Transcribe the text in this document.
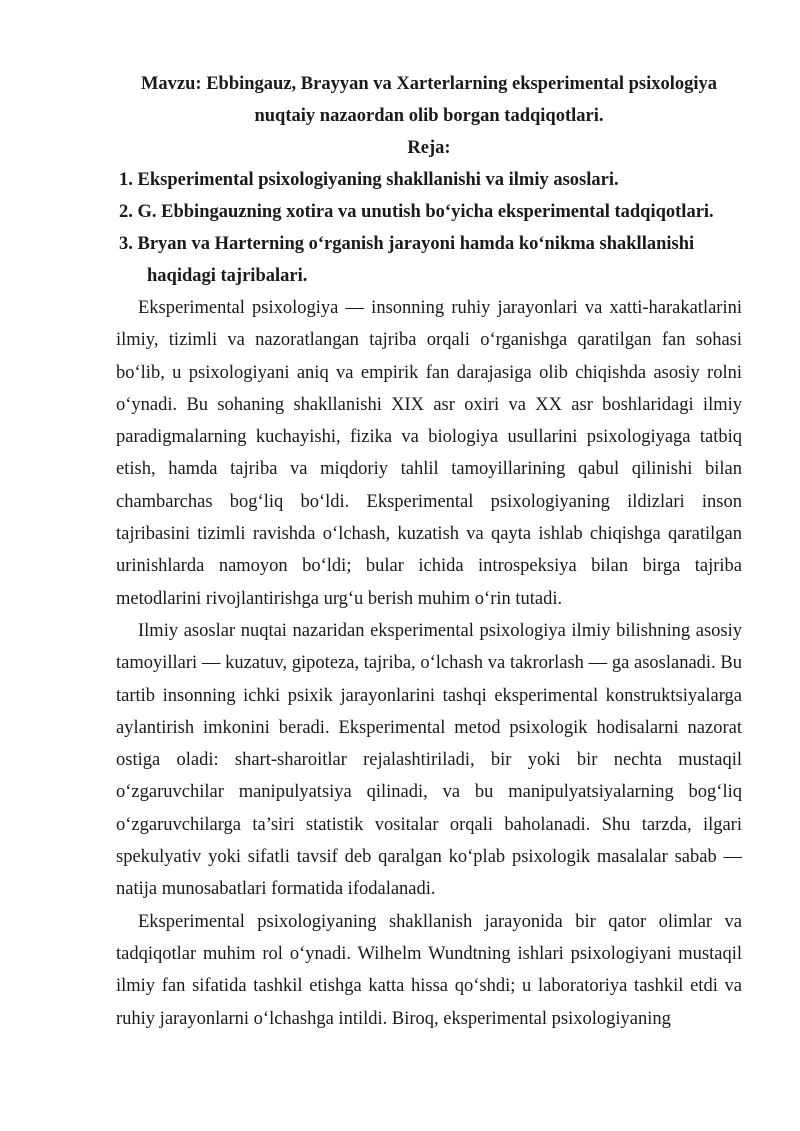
Mavzu: Ebbingauz, Brayyan va Xarterlarning eksperimental psixologiya
nuqtaiy nazaordan olib borgan tadqiqotlari.
Reja:
1. Eksperimental psixologiyaning shakllanishi va ilmiy asoslari.
2. G. Ebbingauzning xotira va unutish bo‘yicha eksperimental tadqiqotlari.
3. Bryan va Harterning o‘rganish jarayoni hamda ko‘nikma shakllanishi
haqidagi tajribalari.

Eksperimental psixologiya — insonning ruhiy jarayonlari va xatti-harakatlarini ilmiy, tizimli va nazoratlangan tajriba orqali o‘rganishga qaratilgan fan sohasi bo‘lib, u psixologiyani aniq va empirik fan darajasiga olib chiqishda asosiy rolni o‘ynadi. Bu sohaning shakllanishi XIX asr oxiri va XX asr boshlaridagi ilmiy paradigmalarning kuchayishi, fizika va biologiya usullarini psixologiyaga tatbiq etish, hamda tajriba va miqdoriy tahlil tamoyillarining qabul qilinishi bilan chambarchas bog‘liq bo‘ldi. Eksperimental psixologiyaning ildizlari inson tajribasini tizimli ravishda o‘lchash, kuzatish va qayta ishlab chiqishga qaratilgan urinishlarda namoyon bo‘ldi; bular ichida introspeksiya bilan birga tajriba metodlarini rivojlantirishga urg‘u berish muhim o‘rin tutadi.

Ilmiy asoslar nuqtai nazaridan eksperimental psixologiya ilmiy bilishning asosiy tamoyillari — kuzatuv, gipoteza, tajriba, o‘lchash va takrorlash — ga asoslanadi. Bu tartib insonning ichki psixik jarayonlarini tashqi eksperimental konstruktsiyalarga aylantirish imkonini beradi. Eksperimental metod psixologik hodisalarni nazorat ostiga oladi: shart-sharoitlar rejalashtiriladi, bir yoki bir nechta mustaqil o‘zgaruvchilar manipulyatsiya qilinadi, va bu manipulyatsiyalarning bog‘liq o‘zgaruvchilarga ta’siri statistik vositalar orqali baholanadi. Shu tarzda, ilgari spekulyativ yoki sifatli tavsif deb qaralgan ko‘plab psixologik masalalar sabab — natija munosabatlari formatida ifodalanadi.

Eksperimental psixologiyaning shakllanish jarayonida bir qator olimlar va tadqiqotlar muhim rol o‘ynadi. Wilhelm Wundtning ishlari psixologiyani mustaqil ilmiy fan sifatida tashkil etishga katta hissa qo‘shdi; u laboratoriya tashkil etdi va ruhiy jarayonlarni o‘lchashga intildi. Biroq, eksperimental psixologiyaning
